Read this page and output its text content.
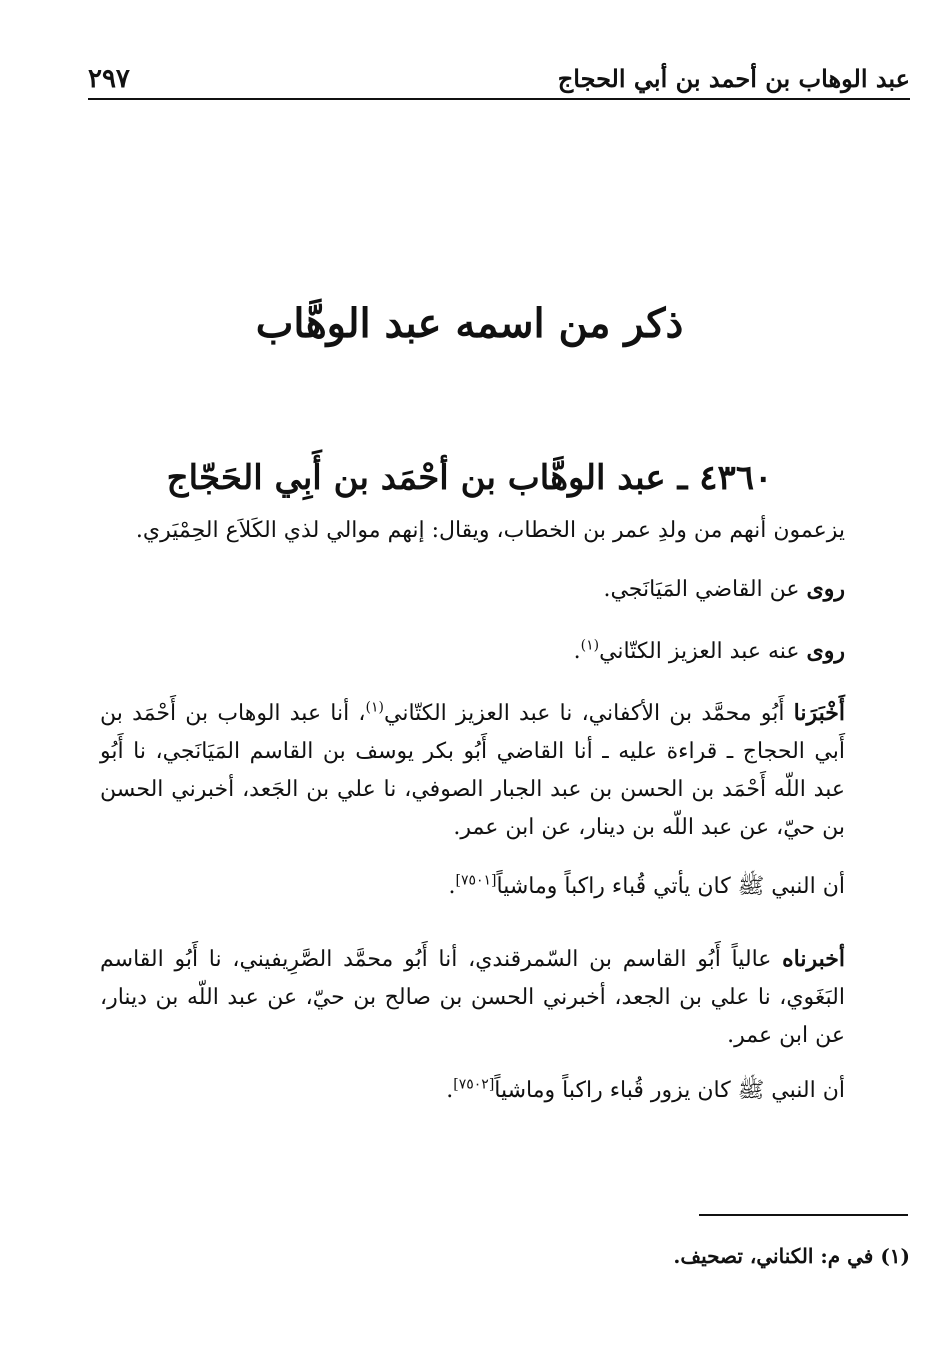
٢٩٧	عبد الوهاب بن أحمد بن أبي الحجاج
ذكر من اسمه عبد الوهَّاب
٤٣٦٠ ـ عبد الوهَّاب بن أحْمَد بن أَبِي الحَجّاج
يزعمون أنهم من ولدِ عمر بن الخطاب، ويقال: إنهم موالي لذي الكَلاَع الحِمْيَري.
روى عن القاضي المَيَانَجي.
روى عنه عبد العزيز الكتّاني$^{(١)}$.
أَخْبَرَنا أَبُو محمَّد بن الأكفاني، نا عبد العزيز الكتّاني$^{(١)}$، أنا عبد الوهاب بن أَحْمَد بن أَبي الحجاج ـ قراءة عليه ـ أنا القاضي أَبُو بكر يوسف بن القاسم المَيَانَجي، نا أَبُو عبد اللّه أَحْمَد بن الحسن بن عبد الجبار الصوفي، نا علي بن الجَعد، أخبرني الحسن بن حيّ، عن عبد اللّه بن دينار، عن ابن عمر.
أن النبي ﷺ كان يأتي قُباء راكباً وماشياً[٧٥٠١].
أخبرناه عالياً أَبُو القاسم بن السّمرقندي، أنا أَبُو محمَّد الصَّرِيفيني، نا أَبُو القاسم البَغَوي، نا علي بن الجعد، أخبرني الحسن بن صالح بن حيّ، عن عبد اللّه بن دينار، عن ابن عمر.
أن النبي ﷺ كان يزور قُباء راكباً وماشياً[٧٥٠٢].
(١) في م: الكناني، تصحيف.
